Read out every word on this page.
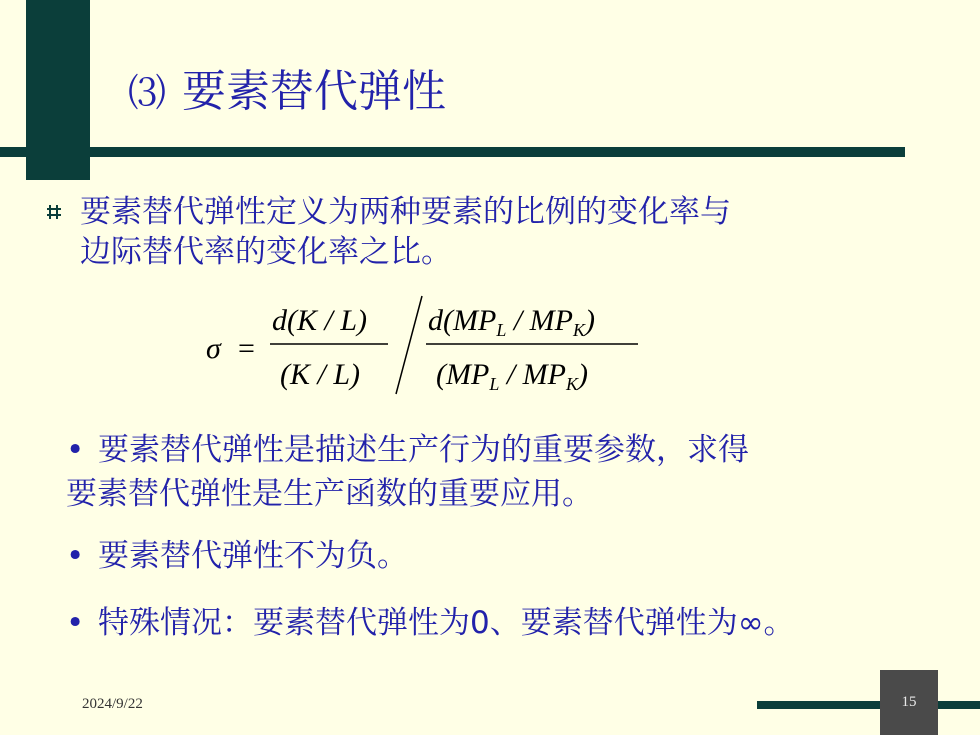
⑶ 要素替代弹性
要素替代弹性定义为两种要素的比例的变化率与
边际替代率的变化率之比。
σ =
d(K / L)
(K / L)
$d(MP_L / MP_K)$
$(MP_L / MP_K)$
• 要素替代弹性是描述生产行为的重要参数，求得
要素替代弹性是生产函数的重要应用。
• 要素替代弹性不为负。
• 特殊情况：要素替代弹性为0、要素替代弹性为∞。
2024/9/22	15
